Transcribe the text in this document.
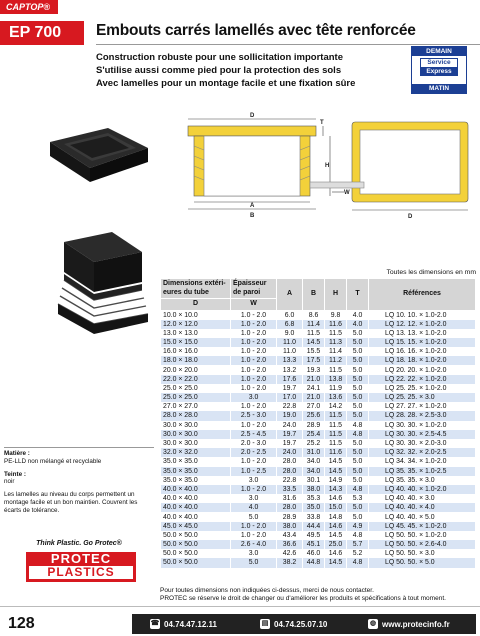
CAPTOP®
EP 700	Embouts carrés lamellés avec tête renforcée
Construction robuste pour une sollicitation importante
S'utilise aussi comme pied pour la protection des sols
Avec lamelles pour un montage facile et une fixation sûre
DEMAIN
Service
Express
MATIN
D
T
H
W
A
B	D
Toutes les dimensions en mm
Dimensions extéri-eures du tube	Épaisseur de paroi	A	B	H	T	Références
D	W					
10.0 × 10.0	1.0 - 2.0	6.0	8.6	9.8	4.0	LQ 10. 10. × 1.0-2.0
12.0 × 12.0	1.0 - 2.0	6.8	11.4	11.6	4.0	LQ 12. 12. × 1.0-2.0
13.0 × 13.0	1.0 - 2.0	9.0	11.5	11.5	5.0	LQ 13. 13. × 1.0-2.0
15.0 × 15.0	1.0 - 2.0	11.0	14.5	11.3	5.0	LQ 15. 15. × 1.0-2.0
16.0 × 16.0	1.0 - 2.0	11.0	15.5	11.4	5.0	LQ 16. 16. × 1.0-2.0
18.0 × 18.0	1.0 - 2.0	13.3	17.5	11.2	5.0	LQ 18. 18. × 1.0-2.0
20.0 × 20.0	1.0 - 2.0	13.2	19.3	11.5	5.0	LQ 20. 20. × 1.0-2.0
22.0 × 22.0	1.0 - 2.0	17.6	21.0	13.8	5.0	LQ 22. 22. × 1.0-2.0
25.0 × 25.0	1.0 - 2.0	19.7	24.1	11.9	5.0	LQ 25. 25. × 1.0-2.0
25.0 × 25.0	3.0	17.0	21.0	13.6	5.0	LQ 25. 25. × 3.0
27.0 × 27.0	1.0 - 2.0	22.8	27.0	14.2	5.0	LQ 27. 27. × 1.0-2.0
28.0 × 28.0	2.5 - 3.0	19.0	25.6	11.5	5.0	LQ 28. 28. × 2.5-3.0
30.0 × 30.0	1.0 - 2.0	24.0	28.9	11.5	4.8	LQ 30. 30. × 1.0-2.0
30.0 × 30.0	2.5 - 4.5	19.7	25.4	11.5	4.8	LQ 30. 30. × 2.5-4.5
30.0 × 30.0	2.0 - 3.0	19.7	25.2	11.5	5.0	LQ 30. 30. × 2.0-3.0
32.0 × 32.0	2.0 - 2.5	24.0	31.0	11.6	5.0	LQ 32. 32. × 2.0-2.5
35.0 × 35.0	1.0 - 2.0	28.0	34.0	14.5	5.0	LQ 34. 34. × 1.0-2.0
35.0 × 35.0	1.0 - 2.5	28.0	34.0	14.5	5.0	LQ 35. 35. × 1.0-2.5
35.0 × 35.0	3.0	22.8	30.1	14.9	5.0	LQ 35. 35. × 3.0
40.0 × 40.0	1.0 - 2.0	33.5	38.0	14.3	4.8	LQ 40. 40. × 1.0-2.0
40.0 × 40.0	3.0	31.6	35.3	14.6	5.3	LQ 40. 40. × 3.0
40.0 × 40.0	4.0	28.0	35.0	15.0	5.0	LQ 40. 40. × 4.0
40.0 × 40.0	5.0	28.9	33.8	14.8	5.0	LQ 40. 40. × 5.0
45.0 × 45.0	1.0 - 2.0	38.0	44.4	14.6	4.9	LQ 45. 45. × 1.0-2.0
50.0 × 50.0	1.0 - 2.0	43.4	49.5	14.5	4.8	LQ 50. 50. × 1.0-2.0
50.0 × 50.0	2.6 - 4.0	36.6	45.1	25.0	5.7	LQ 50. 50. × 2.6-4.0
50.0 × 50.0	3.0	42.6	46.0	14.6	5.2	LQ 50. 50. × 3.0
50.0 × 50.0	5.0	38.2	44.8	14.5	4.8	LQ 50. 50. × 5.0
Pour toutes dimensions non indiquées ci-dessus, merci de nous contacter.
PROTEC se réserve le droit de changer ou d'améliorer les produits et spécifications à tout moment.
Matière :
PE-LLD non mélangé et recyclable
Teinte :
noir
Les lamelles au niveau du corps permettent un montage facile et un bon maintien. Couvrent les écarts de tolérance.
Think Plastic. Go Protec®
PROTEC
PLASTICS
128	☎ 04.74.47.12.11	▤ 04.74.25.07.10	◍ www.protecinfo.fr
